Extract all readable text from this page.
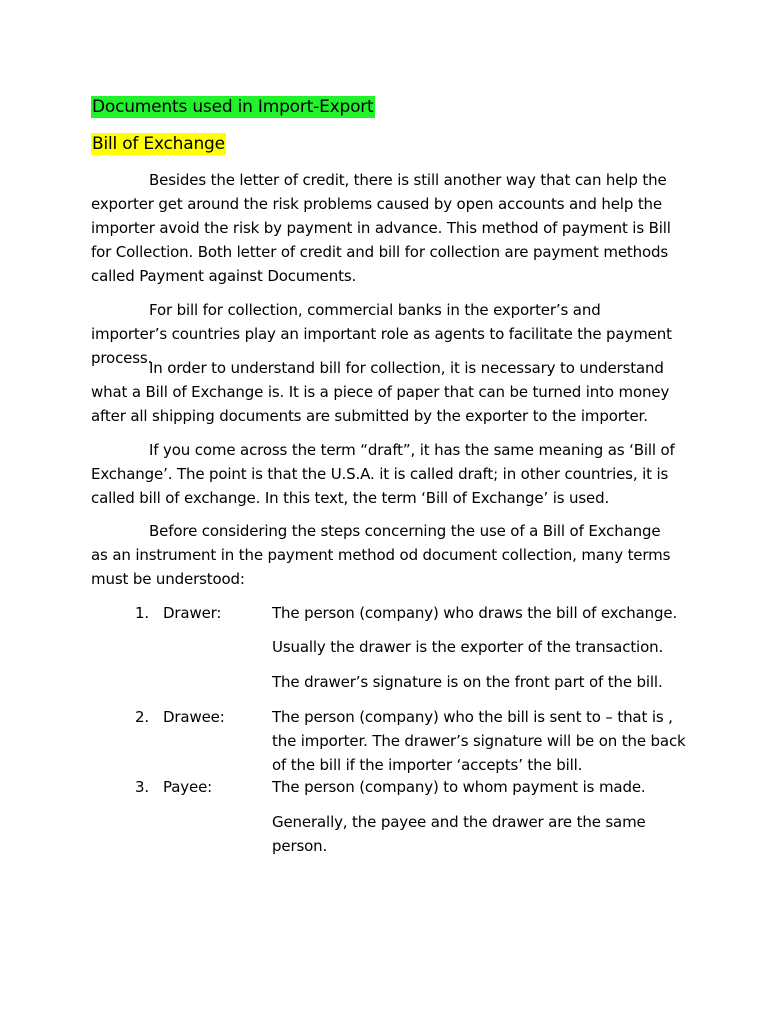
Documents used in Import-Export
Bill of Exchange

Besides the letter of credit, there is still another way that can help the exporter get around the risk problems caused by open accounts and help the importer avoid the risk by payment in advance. This method of payment is Bill for Collection. Both letter of credit and bill for collection are payment methods called Payment against Documents.

For bill for collection, commercial banks in the exporter’s and importer’s countries play an important role as agents to facilitate the payment process.

In order to understand bill for collection, it is necessary to understand what a Bill of Exchange is. It is a piece of paper that can be turned into money after all shipping documents are submitted by the exporter to the importer.

If you come across the term “draft”, it has the same meaning as ‘Bill of Exchange’. The point is that the U.S.A. it is called draft; in other countries, it is called bill of exchange. In this text, the term ‘Bill of Exchange’ is used.

Before considering the steps concerning the use of a Bill of Exchange as an instrument in the payment method od document collection, many terms must be understood:

1. Drawer:	The person (company) who draws the bill of exchange.
Usually the drawer is the exporter of the transaction.
The drawer’s signature is on the front part of the bill.
2. Drawee:	The person (company) who the bill is sent to – that is , the importer. The drawer’s signature will be on the back of the bill if the importer ‘accepts’ the bill.
3. Payee:	The person (company) to whom payment is made.
Generally, the payee and the drawer are the same person.
